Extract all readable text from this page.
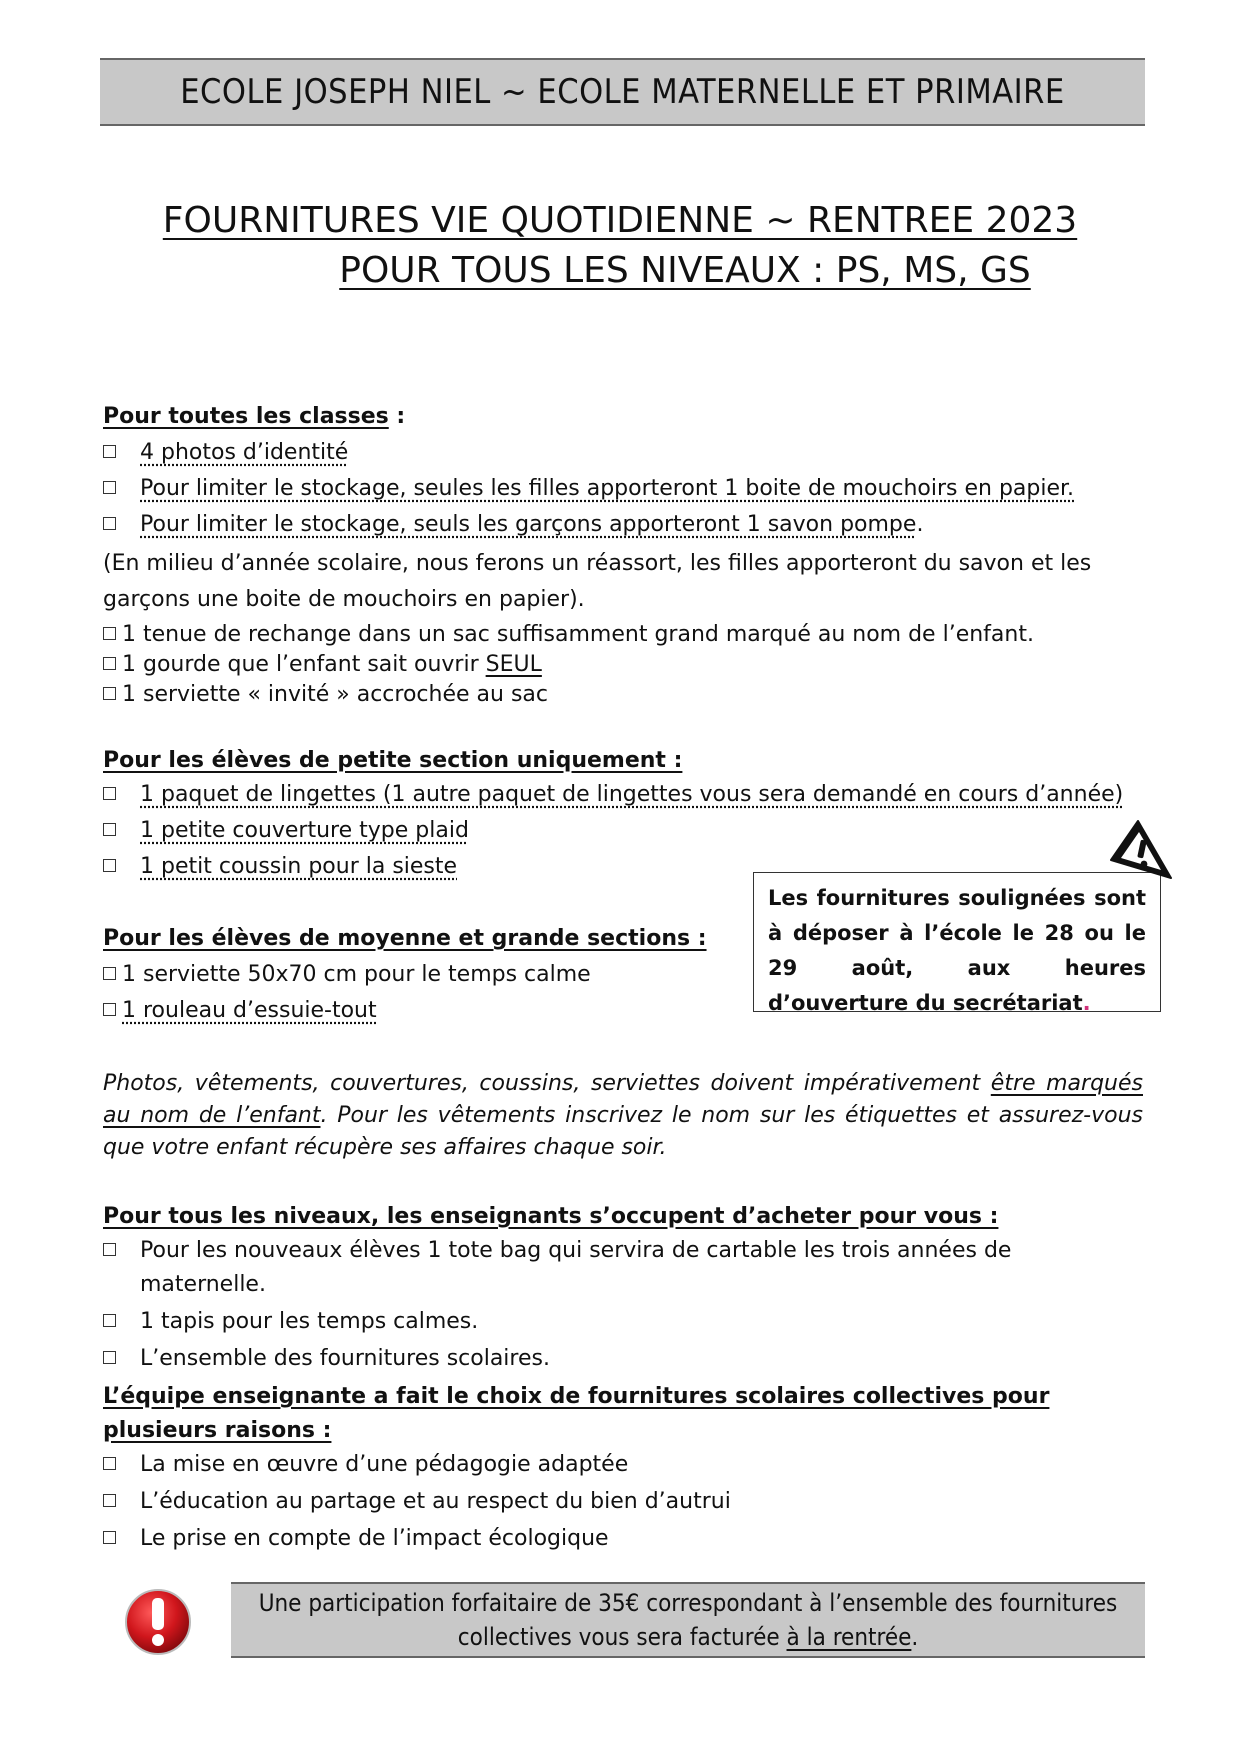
ECOLE JOSEPH NIEL ~ ECOLE MATERNELLE ET PRIMAIRE
FOURNITURES VIE QUOTIDIENNE ~ RENTREE 2023
POUR TOUS LES NIVEAUX : PS, MS, GS
Pour toutes les classes :
4 photos d’identité
Pour limiter le stockage, seules les filles apporteront 1 boite de mouchoirs en papier.
Pour limiter le stockage, seuls les garçons apporteront 1 savon pompe.
(En milieu d’année scolaire, nous ferons un réassort, les filles apporteront du savon et les garçons une boite de mouchoirs en papier).
1 tenue de rechange dans un sac suffisamment grand marqué au nom de l’enfant.
1 gourde que l’enfant sait ouvrir SEUL
1 serviette « invité » accrochée au sac
Pour les élèves de petite section uniquement :
1 paquet de lingettes (1 autre paquet de lingettes vous sera demandé en cours d’année)
1 petite couverture type plaid
1 petit coussin pour la sieste
Pour les élèves de moyenne et grande sections :
1 serviette 50x70 cm pour le temps calme
1 rouleau d’essuie-tout
Les fournitures soulignées sont à déposer à l’école le 28 ou le 29 août, aux heures d’ouverture du secrétariat.
Photos, vêtements, couvertures, coussins, serviettes doivent impérativement être marqués au nom de l’enfant. Pour les vêtements inscrivez le nom sur les étiquettes et assurez-vous que votre enfant récupère ses affaires chaque soir.
Pour tous les niveaux, les enseignants s’occupent d’acheter pour vous :
Pour les nouveaux élèves 1 tote bag qui servira de cartable les trois années de maternelle.
1 tapis pour les temps calmes.
L’ensemble des fournitures scolaires.
L’équipe enseignante a fait le choix de fournitures scolaires collectives pour plusieurs raisons :
La mise en œuvre d’une pédagogie adaptée
L’éducation au partage et au respect du bien d’autrui
Le prise en compte de l’impact écologique
Une participation forfaitaire de 35€ correspondant à l’ensemble des fournitures
collectives vous sera facturée à la rentrée.
